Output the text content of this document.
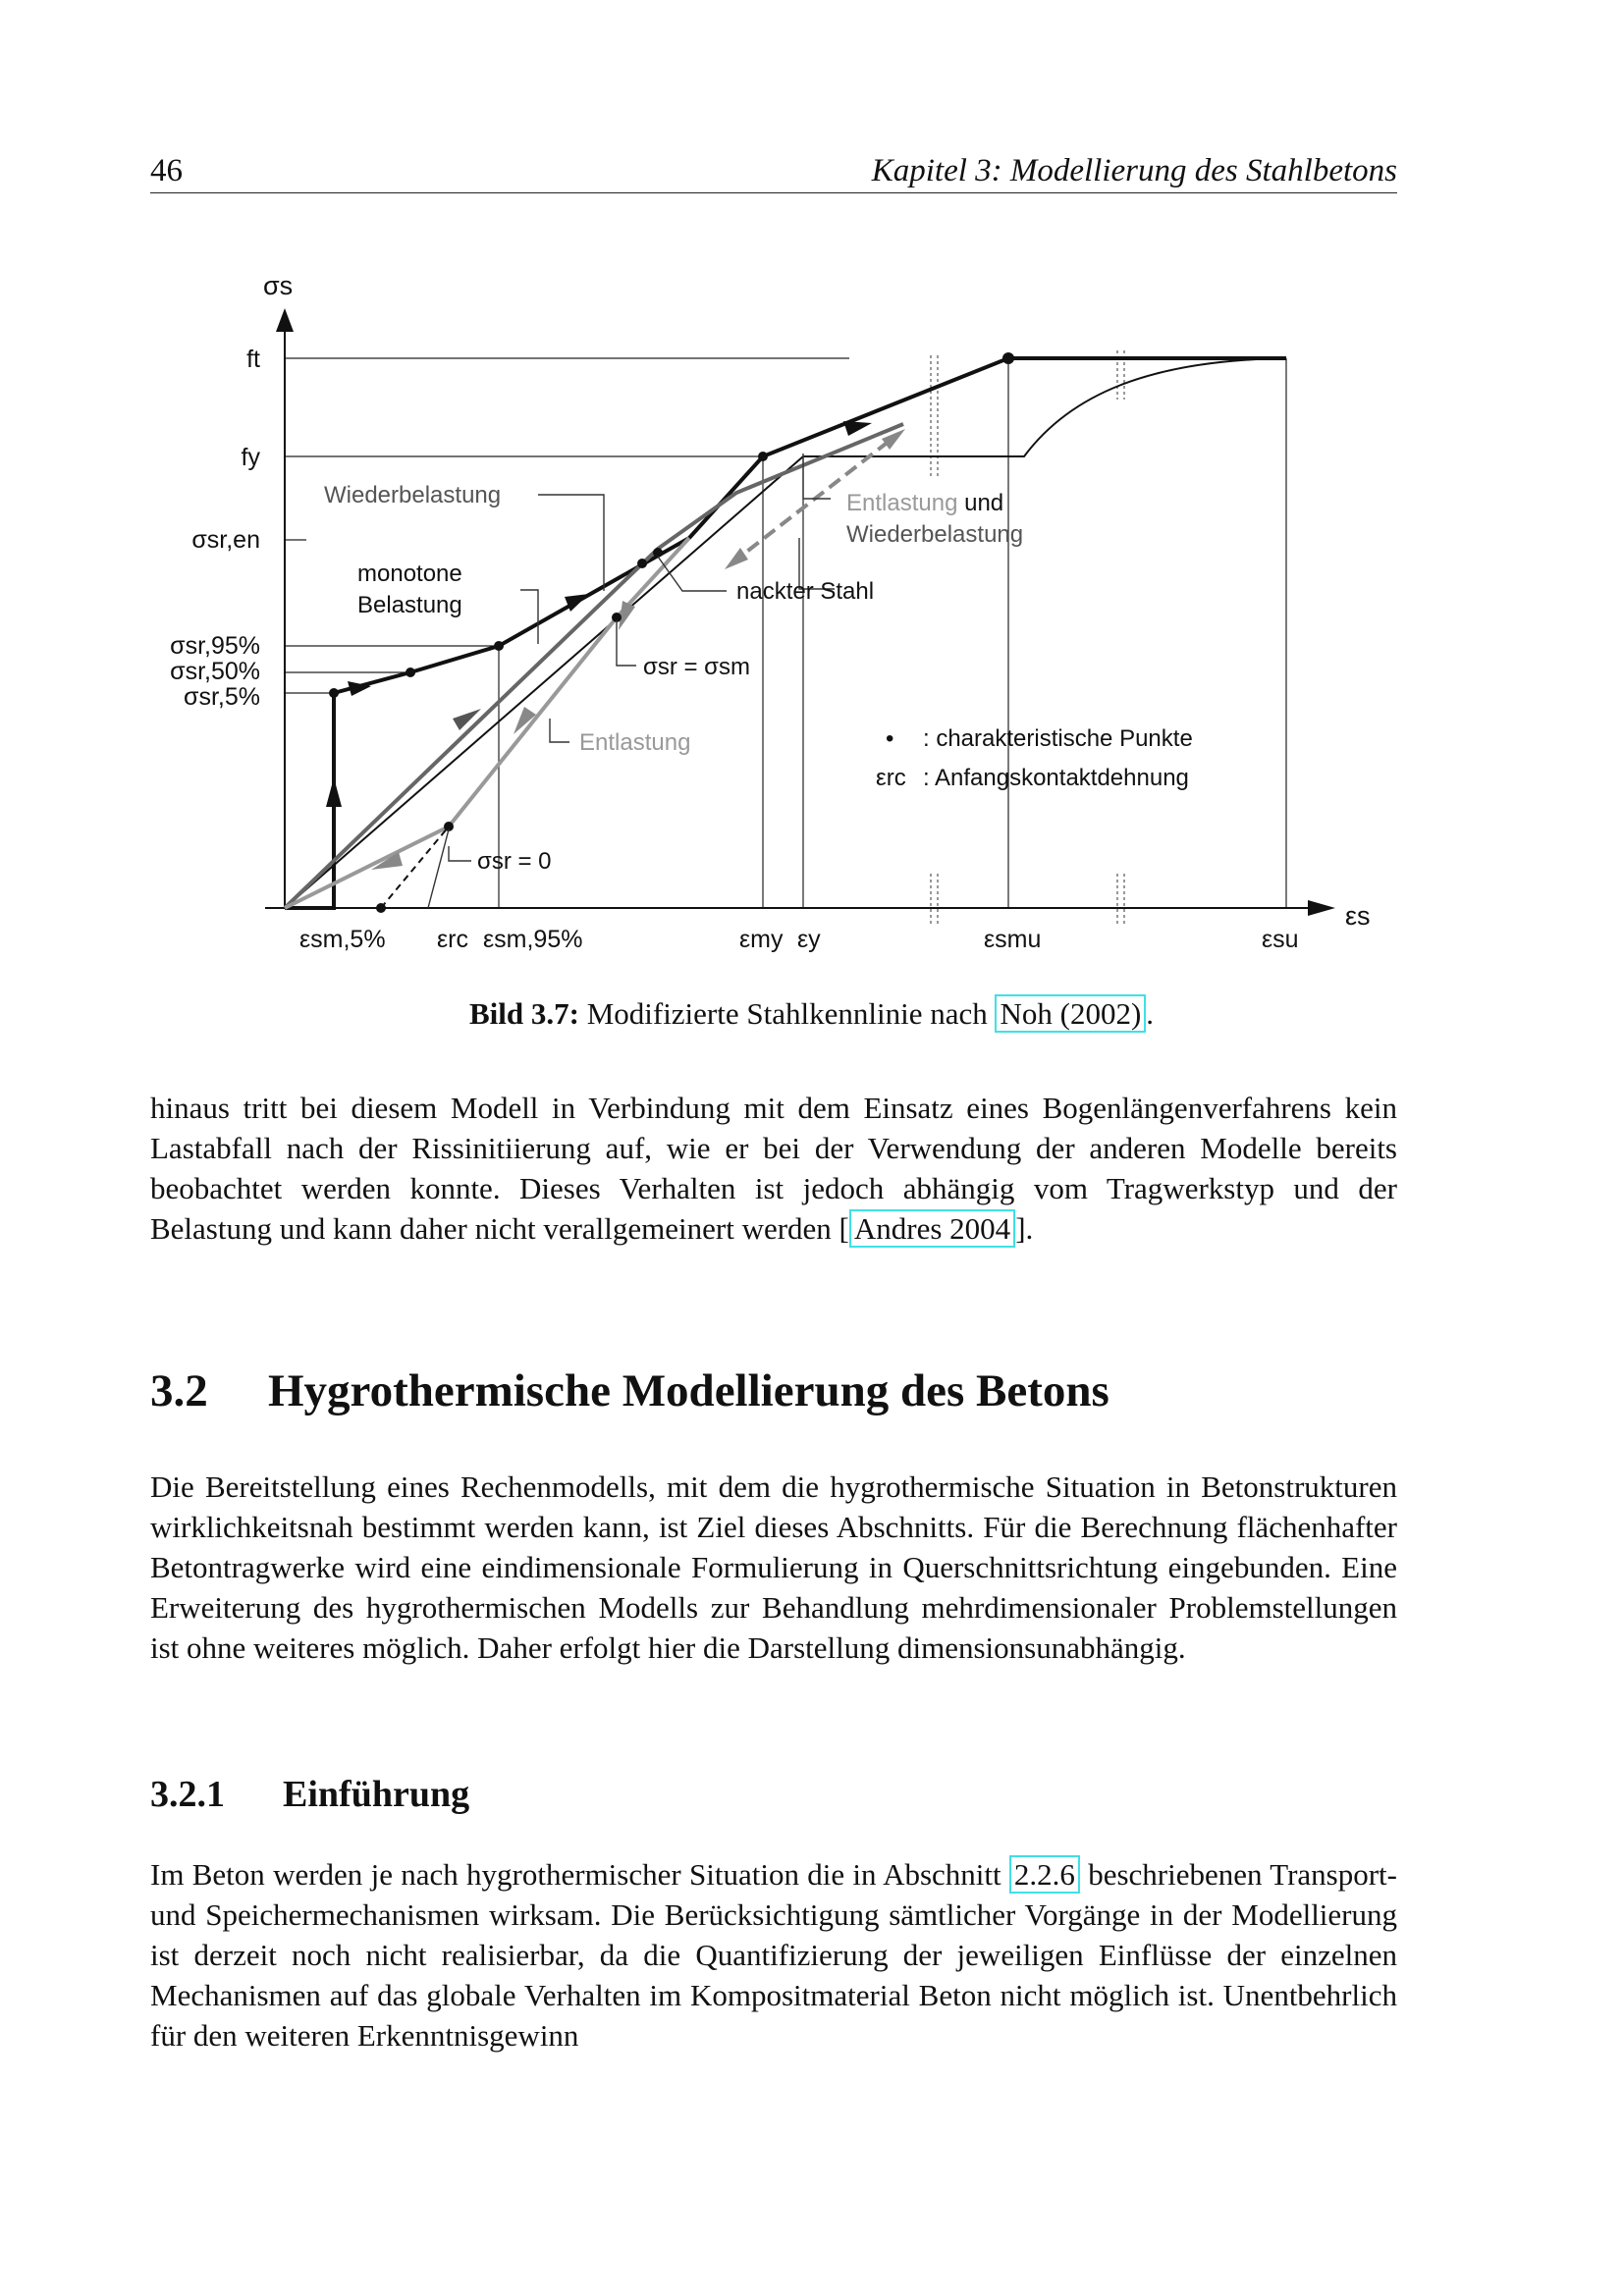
46	Kapitel 3: Modellierung des Stahlbetons
σs
εs
ft
fy
σsr,en
σsr,95%
σsr,50%
σsr,5%
εsm,5% εrc εsm,95%	εmy εy	εsmu	εsu
Wiederbelastung
monotone
Belastung
Entlastung und
Wiederbelastung
nackter Stahl
σsr = σsm
Entlastung
σsr = 0
• : charakteristische Punkte
εrc : Anfangskontaktdehnung
Bild 3.7: Modifizierte Stahlkennlinie nach Noh (2002) .

hinaus tritt bei diesem Modell in Verbindung mit dem Einsatz eines Bogenlängenverfahrens kein Lastabfall nach der Rissinitiierung auf, wie er bei der Verwendung der anderen Modelle bereits beobachtet werden konnte. Dieses Verhalten ist jedoch abhängig vom Tragwerkstyp und der Belastung und kann daher nicht verallgemeinert werden [ Andres 2004 ].

3.2 Hygrothermische Modellierung des Betons

Die Bereitstellung eines Rechenmodells, mit dem die hygrothermische Situation in Betonstrukturen wirklichkeitsnah bestimmt werden kann, ist Ziel dieses Abschnitts. Für die Berechnung flächenhafter Betontragwerke wird eine eindimensionale Formulierung in Querschnittsrichtung eingebunden. Eine Erweiterung des hygrothermischen Modells zur Behandlung mehrdimensionaler Problemstellungen ist ohne weiteres möglich. Daher erfolgt hier die Darstellung dimensionsunabhängig.

3.2.1 Einführung

Im Beton werden je nach hygrothermischer Situation die in Abschnitt 2.2.6 beschriebenen Transport- und Speichermechanismen wirksam. Die Berücksichtigung sämtlicher Vorgänge in der Modellierung ist derzeit noch nicht realisierbar, da die Quantifizierung der jeweiligen Einflüsse der einzelnen Mechanismen auf das globale Verhalten im Kompositmaterial Beton nicht möglich ist. Unentbehrlich für den weiteren Erkenntnisgewinn
